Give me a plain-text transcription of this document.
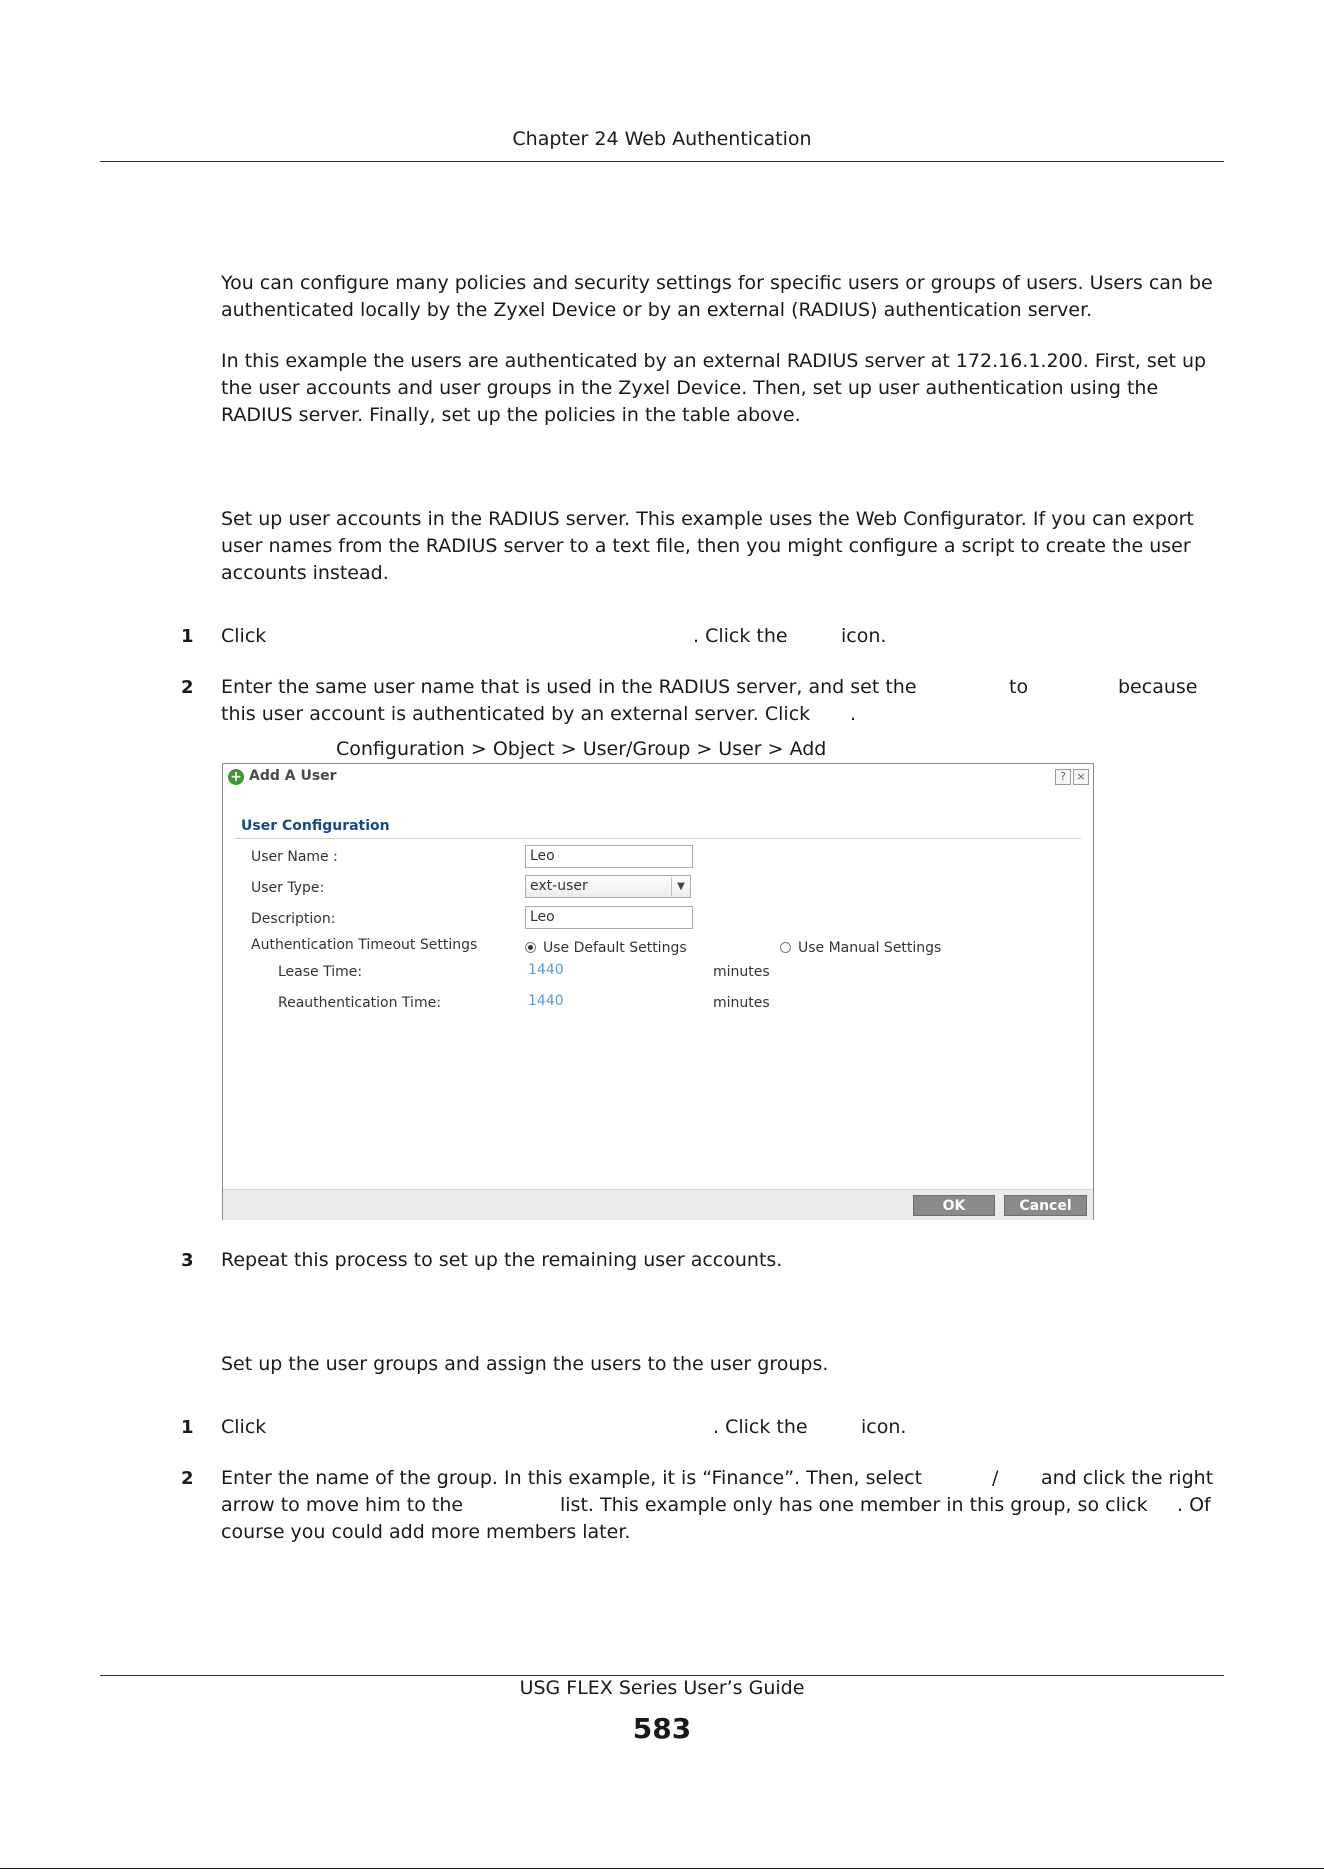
Chapter 24 Web Authentication
You can configure many policies and security settings for specific users or groups of users. Users can be authenticated locally by the Zyxel Device or by an external (RADIUS) authentication server.
In this example the users are authenticated by an external RADIUS server at 172.16.1.200. First, set up the user accounts and user groups in the Zyxel Device. Then, set up user authentication using the RADIUS server. Finally, set up the policies in the table above.
Set up user accounts in the RADIUS server. This example uses the Web Configurator. If you can export user names from the RADIUS server to a text file, then you might configure a script to create the user accounts instead.
1 Click	. Click the	icon.
2 Enter the same user name that is used in the RADIUS server, and set the	to	because
this user account is authenticated by an external server. Click .
Configuration > Object > User/Group > User > Add
+ Add A User	? ×
User Configuration
User Name :	Leo
User Type:	ext-user	▼
Description:	Leo
Authentication Timeout Settings	Use Default Settings	Use Manual Settings
Lease Time:	1440	minutes
Reauthentication Time:	1440	minutes
OK	Cancel
3 Repeat this process to set up the remaining user accounts.
Set up the user groups and assign the users to the user groups.
1 Click	. Click the	icon.
2 Enter the name of the group. In this example, it is “Finance”. Then, select	/ and click the right
arrow to move him to the	list. This example only has one member in this group, so click . Of
course you could add more members later.
USG FLEX Series User’s Guide
583
